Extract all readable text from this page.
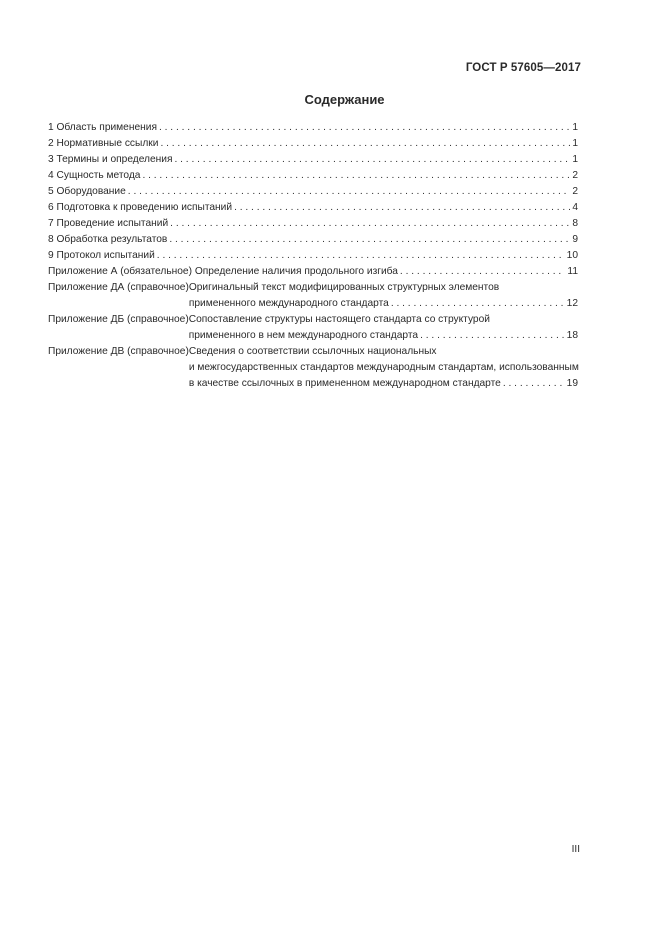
ГОСТ Р 57605—2017
Содержание
1 Область применения . . .	1
2 Нормативные ссылки . . .	1
3 Термины и определения . . .	1
4 Сущность метода . . .	2
5 Оборудование . . .	2
6 Подготовка к проведению испытаний . . .	4
7 Проведение испытаний . . .	8
8 Обработка результатов . . .	9
9 Протокол испытаний . . .	10
Приложение А (обязательное) Определение наличия продольного изгиба . . .	11
Приложение ДА (справочное) Оригинальный текст модифицированных структурных элементов
примененного международного стандарта . . .	12
Приложение ДБ (справочное) Сопоставление структуры настоящего стандарта со структурой
примененного в нем международного стандарта . . .	18
Приложение ДВ (справочное) Сведения о соответствии ссылочных национальных
и межгосударственных стандартов международным стандартам, использованным
в качестве ссылочных в примененном международном стандарте . . .	19
III
